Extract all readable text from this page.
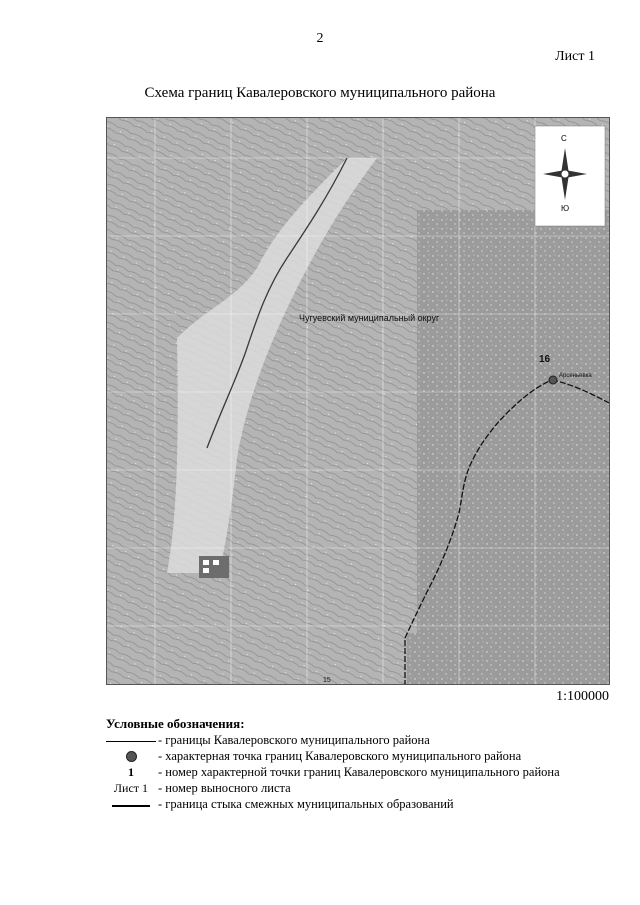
2
Лист 1
Схема границ Кавалеровского муниципального района
С
Ю
Чугуевский муниципальный округ
16
Арсеньевка
15
1:100000
Условные обозначения:
- границы Кавалеровского муниципального района
- характерная точка границ Кавалеровского муниципального района
1	- номер характерной точки границ Кавалеровского муниципального района
Лист 1 - номер выносного листа
- граница стыка смежных муниципальных образований
